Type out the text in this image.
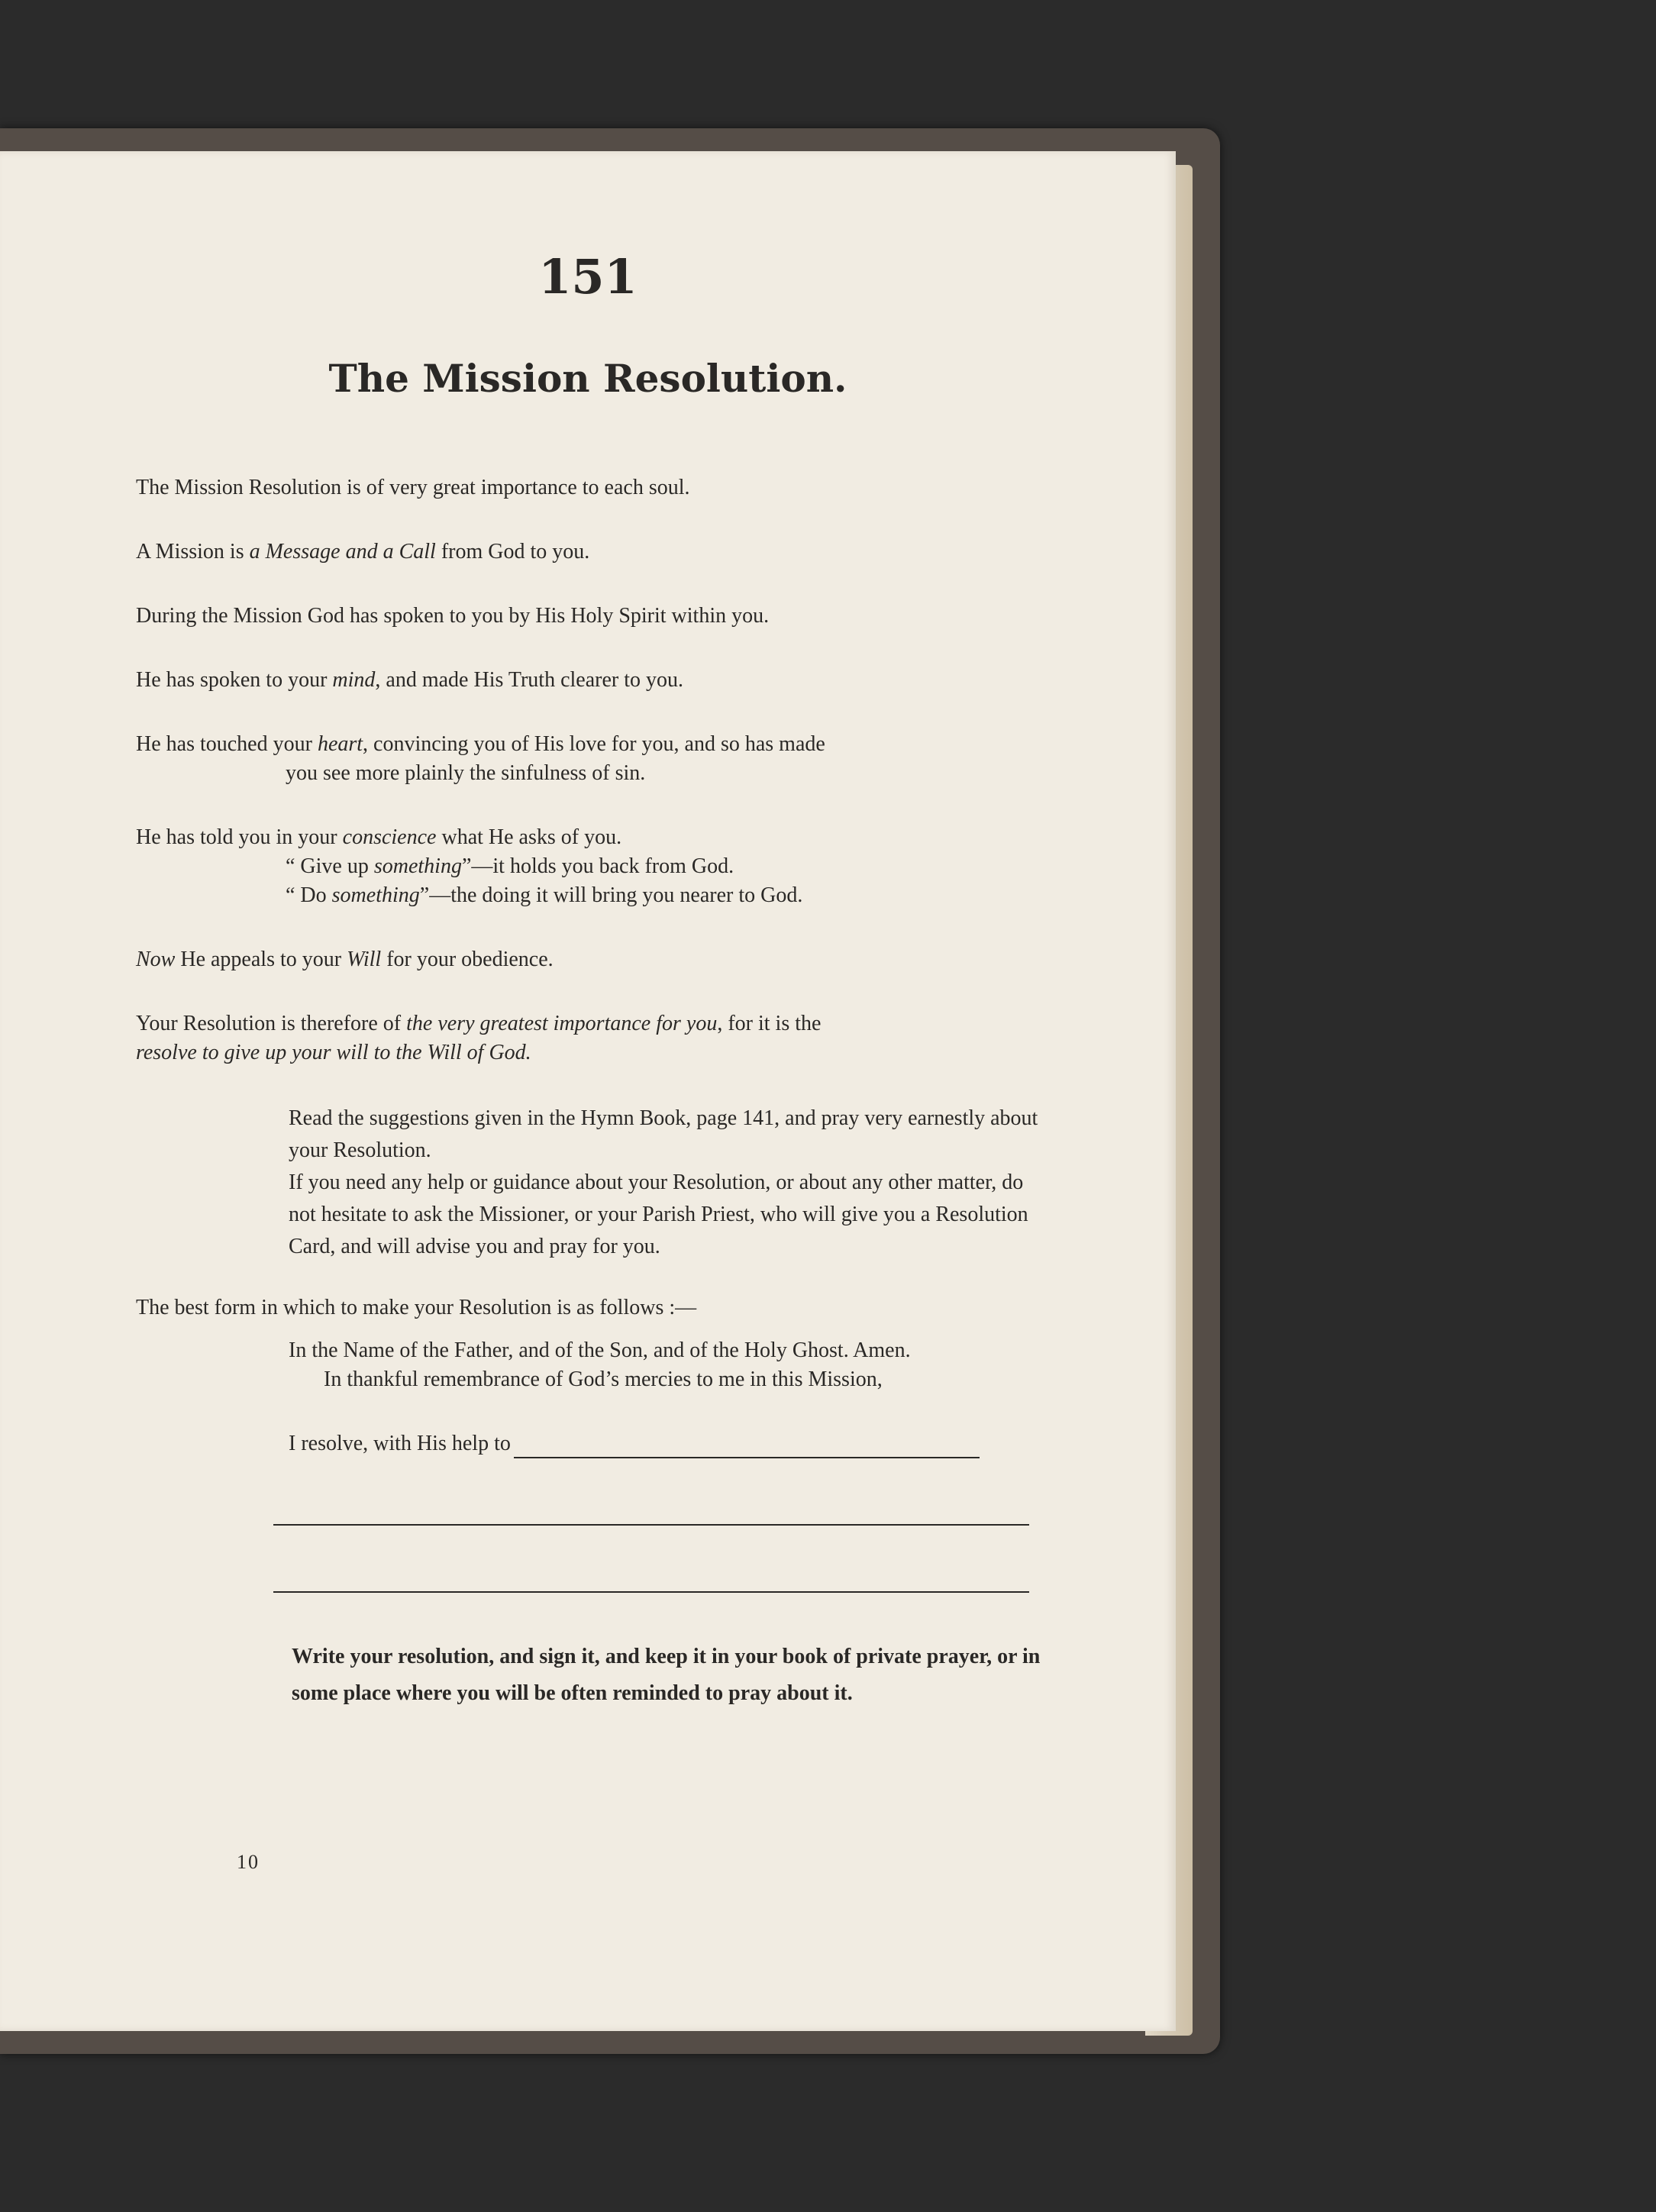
151
The Mission Resolution.

The Mission Resolution is of very great importance to each soul.

A Mission is a Message and a Call from God to you.

During the Mission God has spoken to you by His Holy Spirit within you.

He has spoken to your mind, and made His Truth clearer to you.

He has touched your heart, convincing you of His love for you, and so has made
you see more plainly the sinfulness of sin.

He has told you in your conscience what He asks of you.
“ Give up something”—it holds you back from God.
“ Do something”—the doing it will bring you nearer to God.

Now He appeals to your Will for your obedience.

Your Resolution is therefore of the very greatest importance for you, for it is the
resolve to give up your will to the Will of God.

Read the suggestions given in the Hymn Book, page 141, and pray very earnestly about your Resolution.
If you need any help or guidance about your Resolution, or about any other matter, do not hesitate to ask the Missioner, or your Parish Priest, who will give you a Resolution Card, and will advise you and pray for you.
The best form in which to make your Resolution is as follows :—
In the Name of the Father, and of the Son, and of the Holy Ghost. Amen.
In thankful remembrance of God’s mercies to me in this Mission,
I resolve, with His help to
Write your resolution, and sign it, and keep it in your book of private prayer, or in some place where you will be often reminded to pray about it.
10
